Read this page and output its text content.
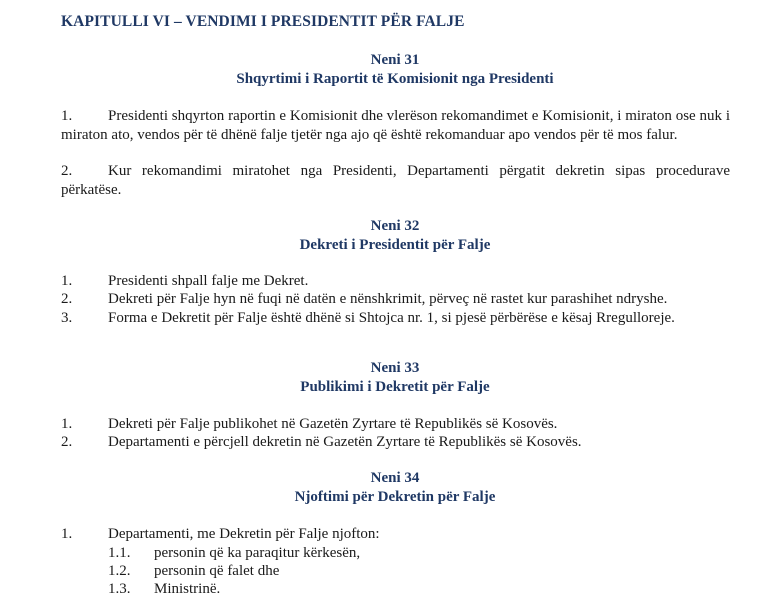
KAPITULLI VI – VENDIMI I PRESIDENTIT PËR FALJE
Neni 31
Shqyrtimi i Raportit të Komisionit nga Presidenti
1. Presidenti shqyrton raportin e Komisionit dhe vlerëson rekomandimet e Komisionit, i miraton ose nuk i miraton ato, vendos për të dhënë falje tjetër nga ajo që është rekomanduar apo vendos për të mos falur.
2. Kur rekomandimi miratohet nga Presidenti, Departamenti përgatit dekretin sipas procedurave përkatëse.
Neni 32
Dekreti i Presidentit për Falje
1. Presidenti shpall falje me Dekret.
2. Dekreti për Falje hyn në fuqi në datën e nënshkrimit, përveç në rastet kur parashihet ndryshe.
3. Forma e Dekretit për Falje është dhënë si Shtojca nr. 1, si pjesë përbërëse e kësaj Rregulloreje.
Neni 33
Publikimi i Dekretit për Falje
1. Dekreti për Falje publikohet në Gazetën Zyrtare të Republikës së Kosovës.
2. Departamenti e përcjell dekretin në Gazetën Zyrtare të Republikës së Kosovës.
Neni 34
Njoftimi për Dekretin për Falje
1. Departamenti, me Dekretin për Falje njofton:
1.1. personin që ka paraqitur kërkesën,
1.2. personin që falet dhe
1.3. Ministrinë.
